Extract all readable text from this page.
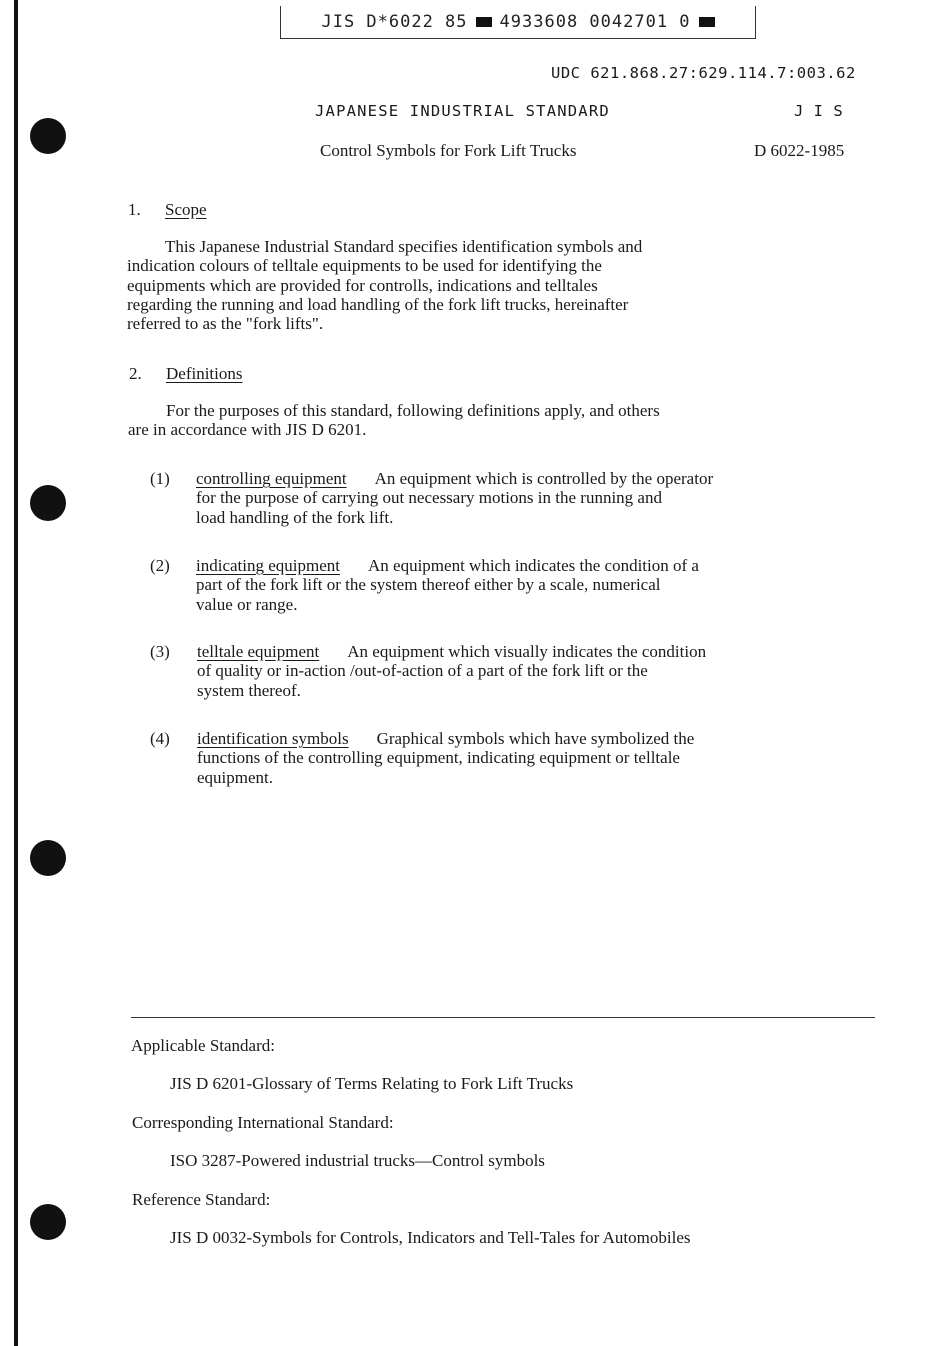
JIS D*6022 85 4933608 0042701 0
UDC 621.868.27:629.114.7:003.62
JAPANESE INDUSTRIAL STANDARD	J I S
Control Symbols for Fork Lift Trucks	D 6022-1985
1. Scope

This Japanese Industrial Standard specifies identification symbols and

indication colours of telltale equipments to be used for identifying the

equipments which are provided for controlls, indications and telltales

regarding the running and load handling of the fork lift trucks, hereinafter

referred to as the "fork lifts".

2. Definitions

For the purposes of this standard, following definitions apply, and others

are in accordance with JIS D 6201.

(1) controlling equipment An equipment which is controlled by the operator

for the purpose of carrying out necessary motions in the running and

load handling of the fork lift.

(2) indicating equipment An equipment which indicates the condition of a

part of the fork lift or the system thereof either by a scale, numerical

value or range.

(3) telltale equipment An equipment which visually indicates the condition

of quality or in-action /out-of-action of a part of the fork lift or the

system thereof.

(4) identification symbols Graphical symbols which have symbolized the

functions of the controlling equipment, indicating equipment or telltale

equipment.

Applicable Standard:
JIS D 6201-Glossary of Terms Relating to Fork Lift Trucks
Corresponding International Standard:
ISO 3287-Powered industrial trucks—Control symbols
Reference Standard:
JIS D 0032-Symbols for Controls, Indicators and Tell-Tales for Automobiles
